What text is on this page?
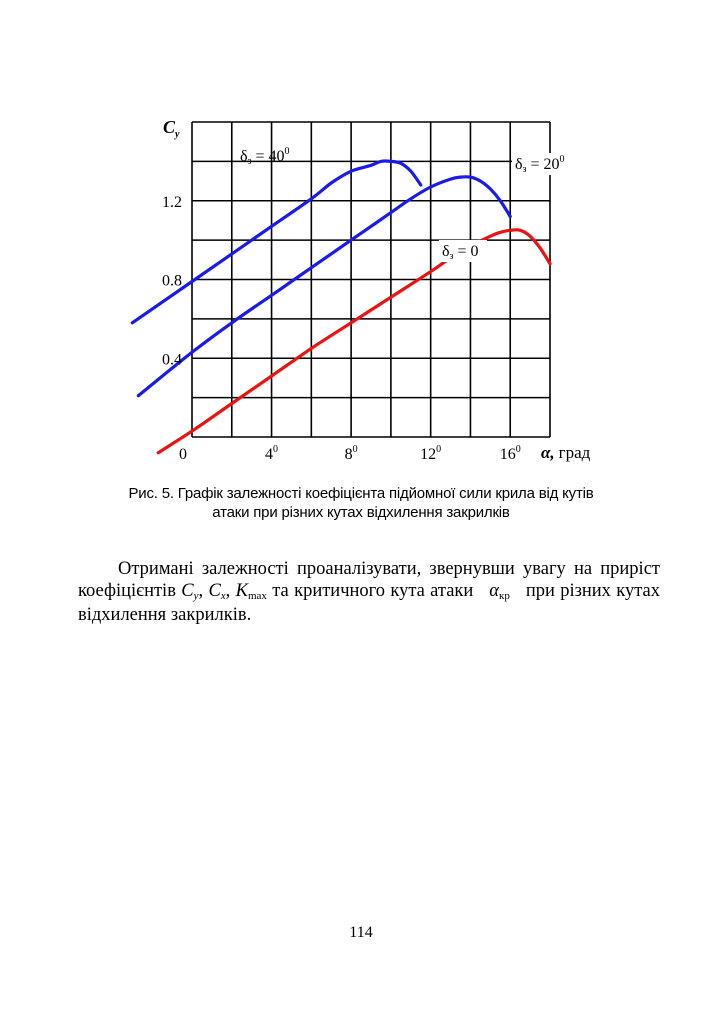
0.4
0.8
1.2
0	$4^0$	$8^0$	$12^0$	$16^0$
$\delta з = 40^0$
$\delta з = 20^0$
δз = 0
$C_y$
α, град
Рис. 5. Графік залежності коефіцієнта підйомної сили крила від кутів
атаки при різних кутах відхилення закрилків

Отримані залежності проаналізувати, звернувши увагу на приріст коефіцієнтів $C_y$, $C_x$, $K_{max}$ та критичного кута атаки   $\alpha_{кр}$   при різних кутах відхилення закрилків.

114
